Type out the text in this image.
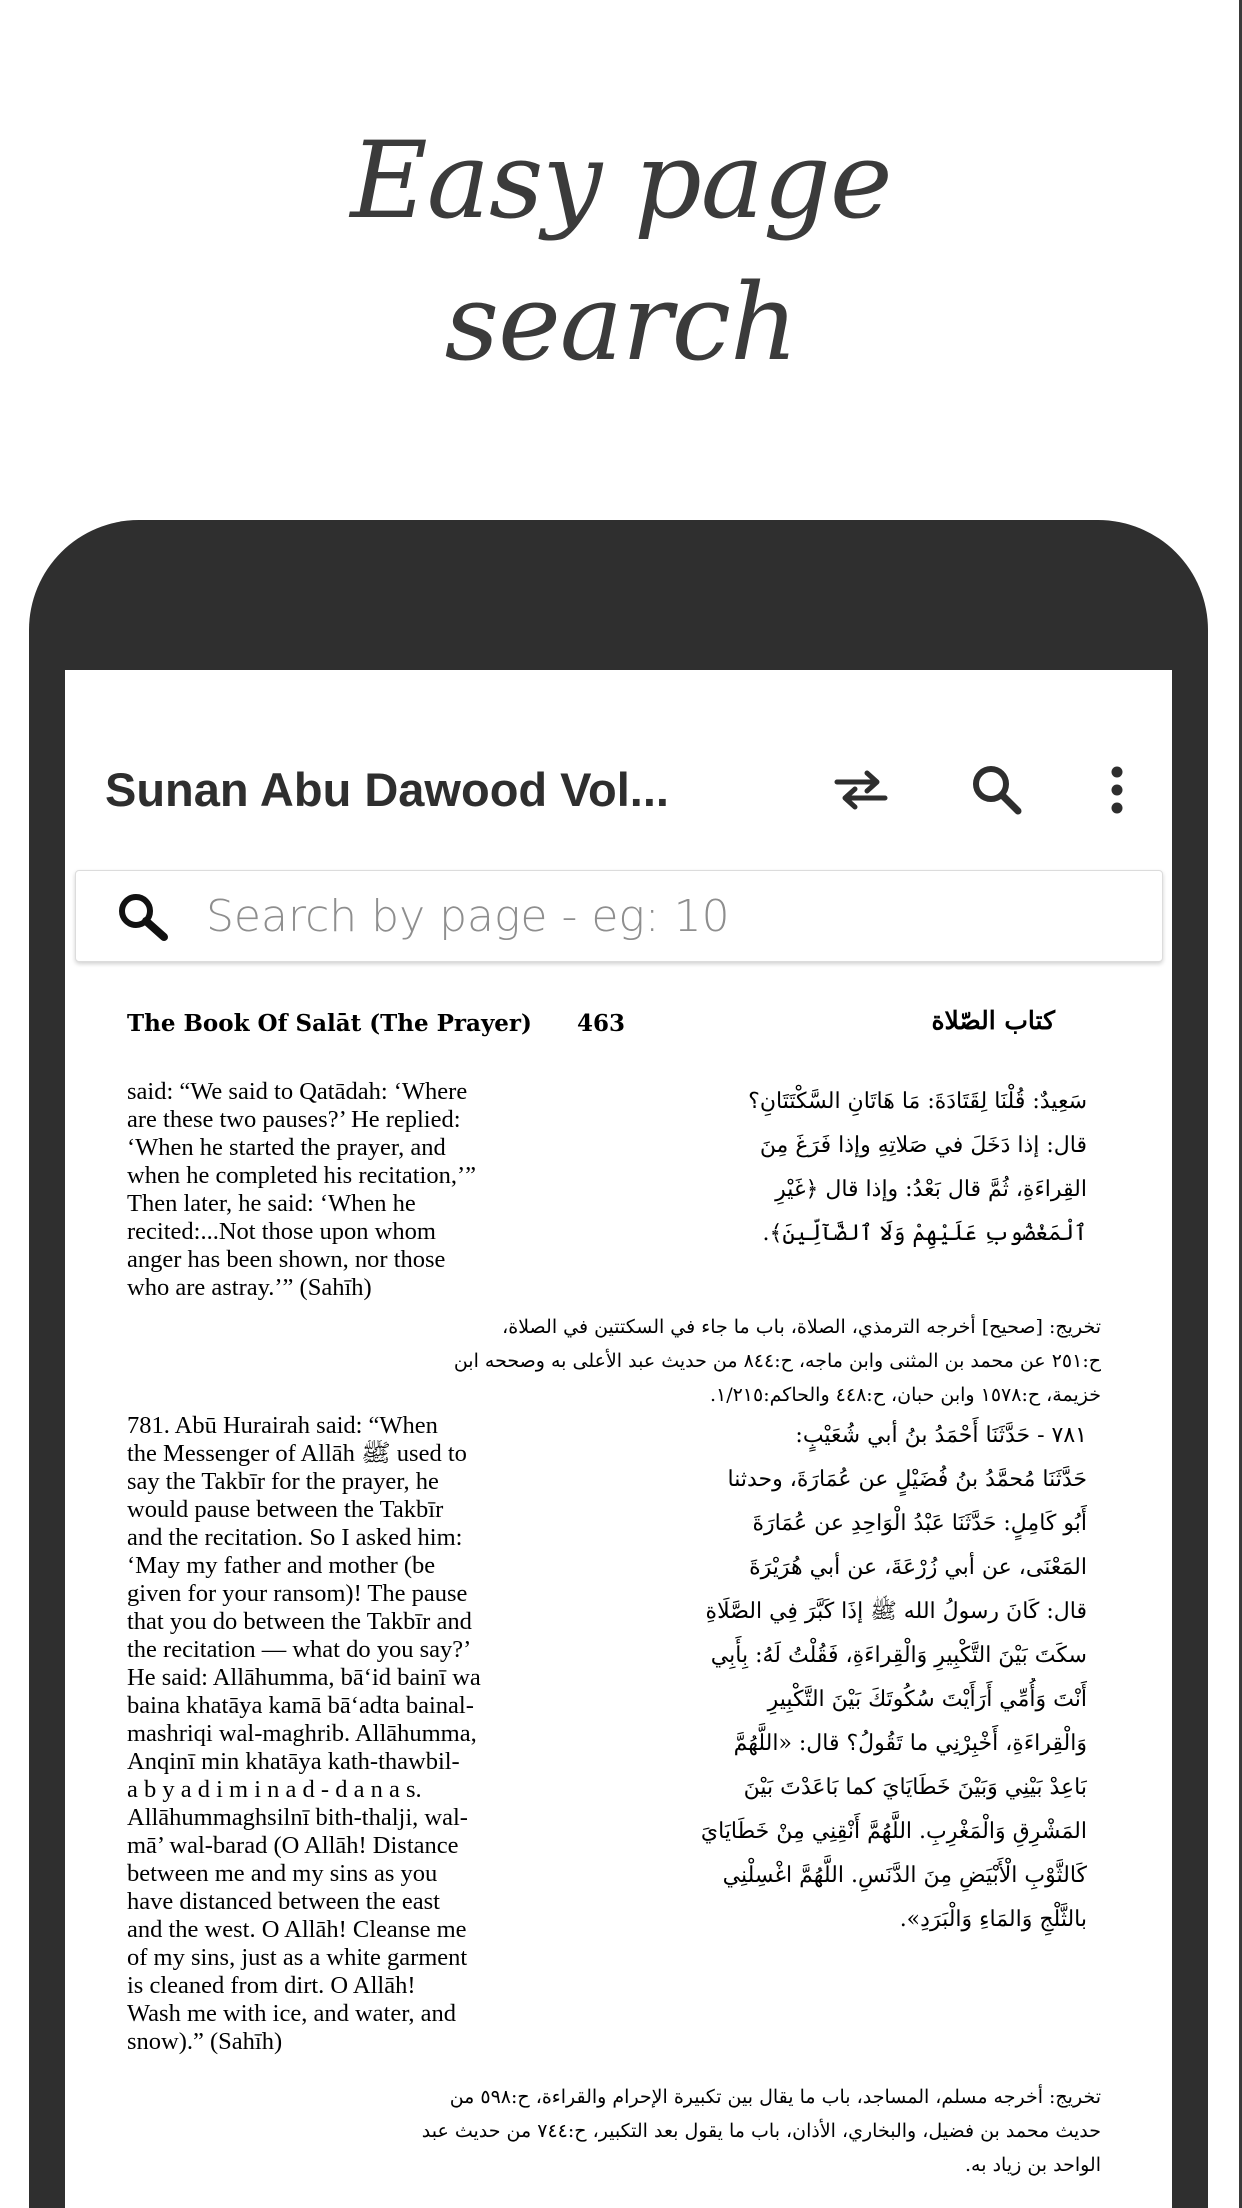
Easy page
search
Sunan Abu Dawood Vol...
Search by page - eg: 10
The Book Of Salāt (The Prayer) 463	كتاب الصّلاة
said: “We said to Qatādah: ‘Where
are these two pauses?’ He replied:
‘When he started the prayer, and
when he completed his recitation,’”
Then later, he said: ‘When he
recited:...Not those upon whom
anger has been shown, nor those
who are astray.’” (Sahīh)
سَعِيدٌ: قُلْنَا لِقَتَادَةَ: مَا هَاتَانِ السَّكْتَتَانِ؟
قال: إذا دَخَلَ في صَلاتِهِ وإذا فَرَغَ مِنَ
القِراءَةِ، ثُمَّ قال بَعْدُ: وإذا قال ﴿غَيْرِ
ٱلْمَغْضُوبِ عَلَيْهِمْ وَلَا ٱلضَّآلِّينَ﴾.
تخريج: [صحيح] أخرجه الترمذي، الصلاة، باب ما جاء في السكتتين في الصلاة،
ح:٢٥١ عن محمد بن المثنى وابن ماجه، ح:٨٤٤ من حديث عبد الأعلى به وصححه ابن
خزيمة، ح:١٥٧٨ وابن حبان، ح:٤٤٨ والحاكم:١/٢١٥.
781. Abū Hurairah said: “When
the Messenger of Allāh ﷺ used to
say the Takbīr for the prayer, he
would pause between the Takbīr
and the recitation. So I asked him:
‘May my father and mother (be
given for your ransom)! The pause
that you do between the Takbīr and
the recitation — what do you say?’
He said: Allāhumma, bā‘id bainī wa
baina khatāya kamā bā‘adta bainal-
mashriqi wal-maghrib. Allāhumma,
Anqinī min khatāya kath-thawbil-
a b y a d i m i n a d - d a n a s.
Allāhummaghsilnī bith-thalji, wal-
mā’ wal-barad (O Allāh! Distance
between me and my sins as you
have distanced between the east
and the west. O Allāh! Cleanse me
of my sins, just as a white garment
is cleaned from dirt. O Allāh!
Wash me with ice, and water, and
snow).” (Sahīh)
٧٨١ - حَدَّثَنَا أَحْمَدُ بنُ أبي شُعَيْبٍ:
حَدَّثَنَا مُحمَّدُ بنُ فُضَيْلٍ عن عُمَارَةَ، وحدثنا
أَبُو كَامِلٍ: حَدَّثَنَا عَبْدُ الْوَاحِدِ عن عُمَارَةَ
المَعْنَى، عن أبي زُرْعَةَ، عن أبي هُرَيْرَةَ
قال: كَانَ رسولُ الله ﷺ إذَا كَبَّرَ فِي الصَّلَاةِ
سكَتَ بَيْنَ التَّكْبِيرِ وَالْقِراءَةِ، فَقُلْتُ لَهُ: بِأَبِي
أَنْتَ وَأُمِّي أَرَأَيْتَ سُكُوتَكَ بَيْنَ التَّكْبِيرِ
وَالْقِراءَةِ، أَخْبِرْنِي ما تَقُولُ؟ قال: «اللَّهُمَّ
بَاعِدْ بَيْنِي وَبَيْنَ خَطَايَايَ كما بَاعَدْتَ بَيْنَ
المَشْرِقِ وَالْمَغْرِبِ. اللَّهُمَّ أَنْقِنِي مِنْ خَطَايَايَ
كَالثَّوْبِ الْأَبْيَضِ مِنَ الدَّنَسِ. اللَّهُمَّ اغْسِلْنِي
بالثَّلْجِ وَالمَاءِ وَالْبَرَدِ».
تخريج: أخرجه مسلم، المساجد، باب ما يقال بين تكبيرة الإحرام والقراءة، ح:٥٩٨ من
حديث محمد بن فضيل، والبخاري، الأذان، باب ما يقول بعد التكبير، ح:٧٤٤ من حديث عبد
الواحد بن زياد به.
